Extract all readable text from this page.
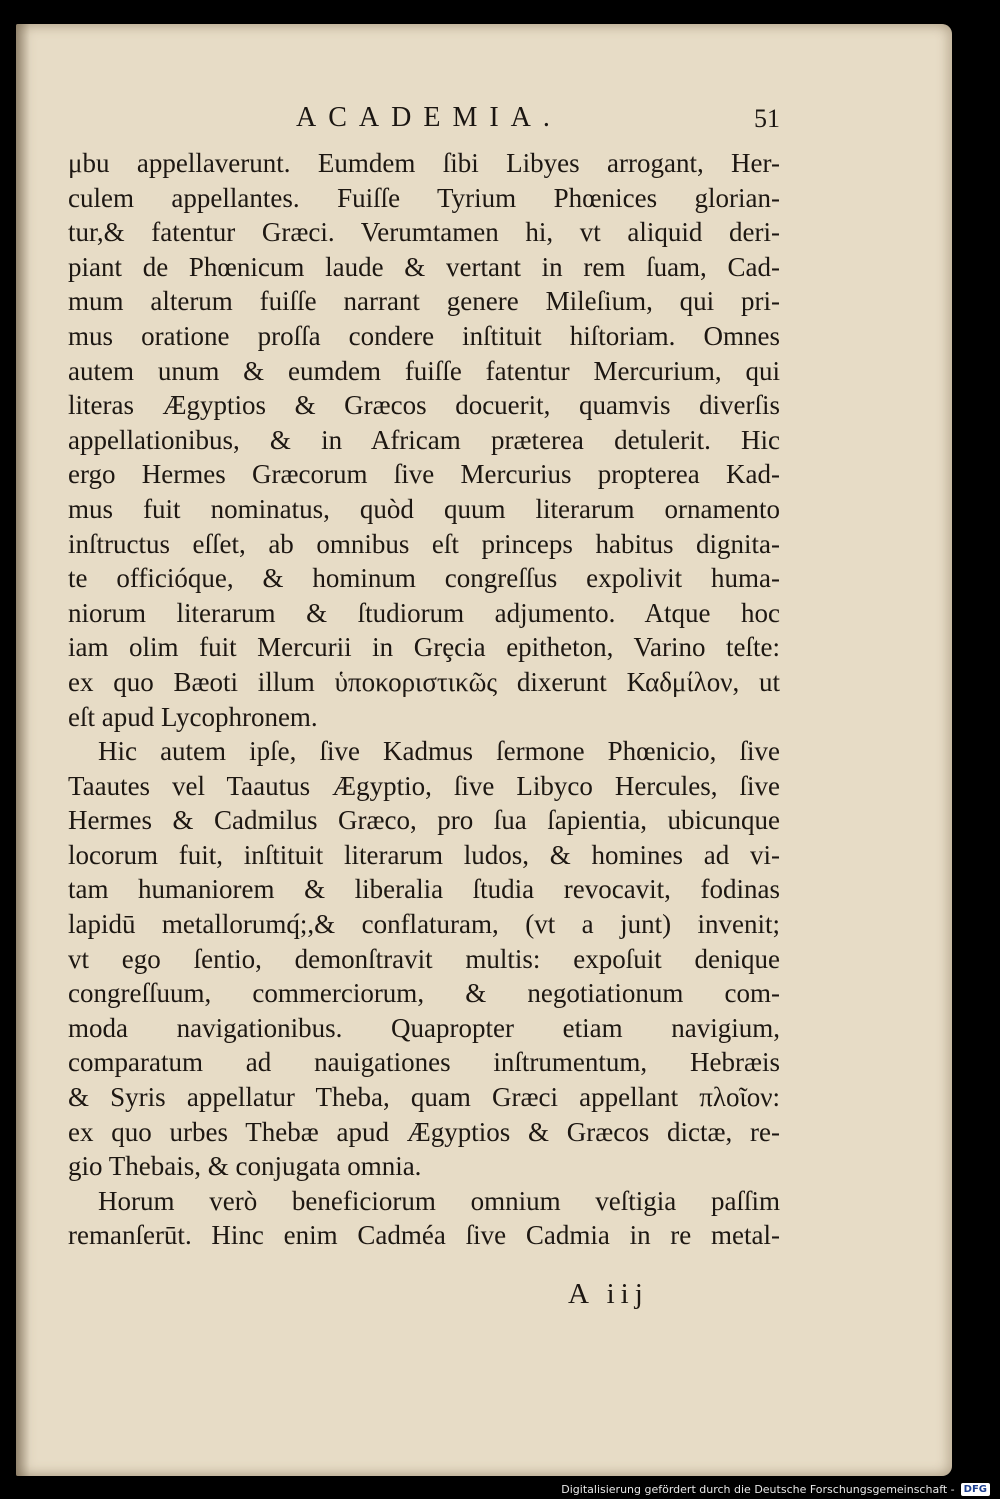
ACADEMIA.	51
μbu appellaverunt. Eumdem ſibi Libyes arrogant, Her-
culem appellantes. Fuiſſe Tyrium Phœnices glorian-
tur,& fatentur Græci. Verumtamen hi, vt aliquid deri-
piant de Phœnicum laude & vertant in rem ſuam, Cad-
mum alterum fuiſſe narrant genere Mileſium, qui pri-
mus oratione proſſa condere inſtituit hiſtoriam. Omnes
autem unum & eumdem fuiſſe fatentur Mercurium, qui
literas Ægyptios & Græcos docuerit, quamvis diverſis
appellationibus, & in Africam præterea detulerit. Hic
ergo Hermes Græcorum ſive Mercurius propterea Kad-
mus fuit nominatus, quòd quum literarum ornamento
inſtructus eſſet, ab omnibus eſt princeps habitus dignita-
te officióque, & hominum congreſſus expolivit huma-
niorum literarum & ſtudiorum adjumento. Atque hoc
iam olim fuit Mercurii in Grȩcia epitheton, Varino teſte:
ex quo Bæoti illum ὑποκοριστικῶς dixerunt Καδμίλον, ut
eſt apud Lycophronem.
Hic autem ipſe, ſive Kadmus ſermone Phœnicio, ſive
Taautes vel Taautus Ægyptio, ſive Libyco Hercules, ſive
Hermes & Cadmilus Græco, pro ſua ſapientia, ubicunque
locorum fuit, inſtituit literarum ludos, & homines ad vi-
tam humaniorem & liberalia ſtudia revocavit, fodinas
lapidū metallorumq́;,& conflaturam, (vt a junt) invenit;
vt ego ſentio, demonſtravit multis: expoſuit denique
congreſſuum, commerciorum, & negotiationum com-
moda navigationibus. Quapropter etiam navigium,
comparatum ad nauigationes inſtrumentum, Hebræis
& Syris appellatur Theba, quam Græci appellant πλοῖον:
ex quo urbes Thebæ apud Ægyptios & Græcos dictæ, re-
gio Thebais, & conjugata omnia.
Horum verò beneficiorum omnium veſtigia paſſim
remanſerūt. Hinc enim Cadméa ſive Cadmia in re metal-
A iij
Digitalisierung gefördert durch die Deutsche Forschungsgemeinschaft - DFG
